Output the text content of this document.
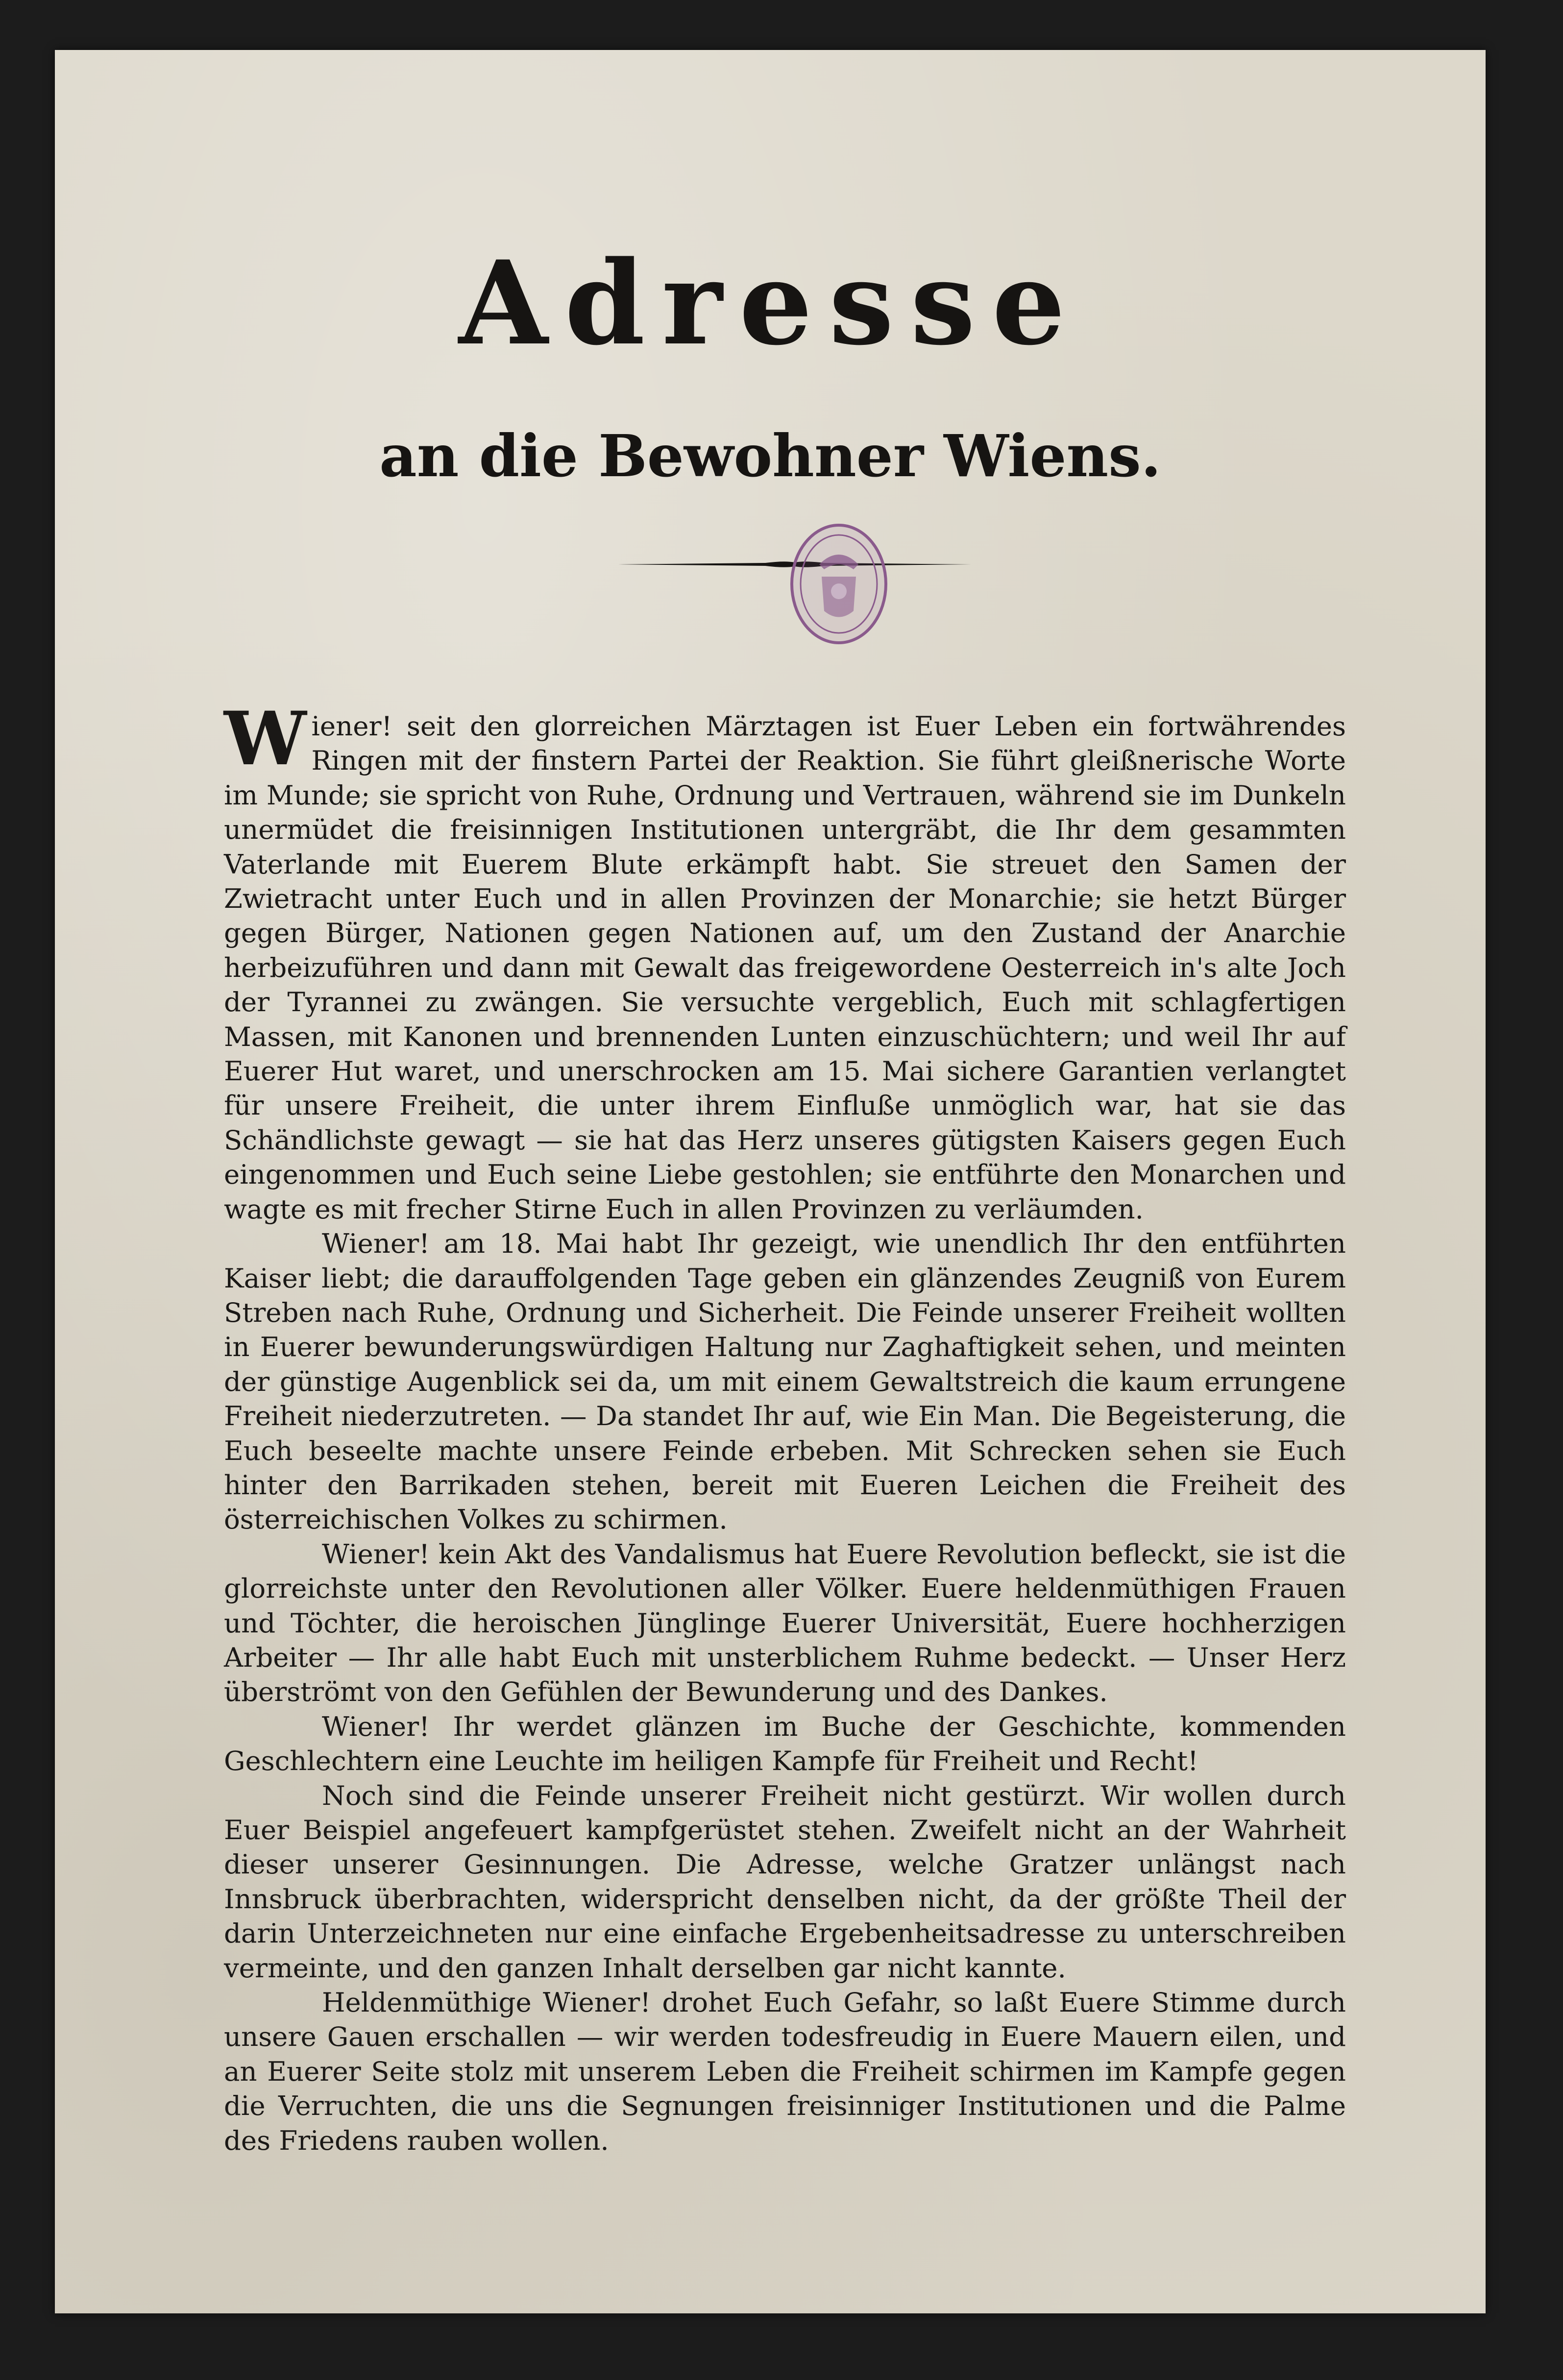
Adresse
an die Bewohner Wiens.

Wiener! seit den glorreichen Märztagen ist Euer Leben ein fortwährendes Ringen mit der finstern Partei der Reaktion. Sie führt gleißnerische Worte im Munde; sie spricht von Ruhe, Ordnung und Vertrauen, während sie im Dunkeln unermüdet die freisinnigen Institutionen untergräbt, die Ihr dem gesammten Vaterlande mit Euerem Blute erkämpft habt. Sie streuet den Samen der Zwietracht unter Euch und in allen Provinzen der Monarchie; sie hetzt Bürger gegen Bürger, Nationen gegen Nationen auf, um den Zustand der Anarchie herbeizuführen und dann mit Gewalt das freigewordene Oesterreich in's alte Joch der Tyrannei zu zwängen. Sie versuchte vergeblich, Euch mit schlagfertigen Massen, mit Kanonen und brennenden Lunten einzuschüchtern; und weil Ihr auf Euerer Hut waret, und unerschrocken am 15. Mai sichere Garantien verlangtet für unsere Freiheit, die unter ihrem Einfluße unmöglich war, hat sie das Schändlichste gewagt — sie hat das Herz unseres gütigsten Kaisers gegen Euch eingenommen und Euch seine Liebe gestohlen; sie entführte den Monarchen und wagte es mit frecher Stirne Euch in allen Provinzen zu verläumden.

Wiener! am 18. Mai habt Ihr gezeigt, wie unendlich Ihr den entführten Kaiser liebt; die darauffolgenden Tage geben ein glänzendes Zeugniß von Eurem Streben nach Ruhe, Ordnung und Sicherheit. Die Feinde unserer Freiheit wollten in Euerer bewunderungswürdigen Haltung nur Zaghaftigkeit sehen, und meinten der günstige Augenblick sei da, um mit einem Gewaltstreich die kaum errungene Freiheit niederzutreten. — Da standet Ihr auf, wie Ein Man. Die Begeisterung, die Euch beseelte machte unsere Feinde erbeben. Mit Schrecken sehen sie Euch hinter den Barrikaden stehen, bereit mit Eueren Leichen die Freiheit des österreichischen Volkes zu schirmen.

Wiener! kein Akt des Vandalismus hat Euere Revolution befleckt, sie ist die glorreichste unter den Revolutionen aller Völker. Euere heldenmüthigen Frauen und Töchter, die heroischen Jünglinge Euerer Universität, Euere hochherzigen Arbeiter — Ihr alle habt Euch mit unsterblichem Ruhme bedeckt. — Unser Herz überströmt von den Gefühlen der Bewunderung und des Dankes.

Wiener! Ihr werdet glänzen im Buche der Geschichte, kommenden Geschlechtern eine Leuchte im heiligen Kampfe für Freiheit und Recht!

Noch sind die Feinde unserer Freiheit nicht gestürzt. Wir wollen durch Euer Beispiel angefeuert kampfgerüstet stehen. Zweifelt nicht an der Wahrheit dieser unserer Gesinnungen. Die Adresse, welche Gratzer unlängst nach Innsbruck überbrachten, widerspricht denselben nicht, da der größte Theil der darin Unterzeichneten nur eine einfache Ergebenheitsadresse zu unterschreiben vermeinte, und den ganzen Inhalt derselben gar nicht kannte.

Heldenmüthige Wiener! drohet Euch Gefahr, so laßt Euere Stimme durch unsere Gauen erschallen — wir werden todesfreudig in Euere Mauern eilen, und an Euerer Seite stolz mit unserem Leben die Freiheit schirmen im Kampfe gegen die Verruchten, die uns die Segnungen freisinniger Institutionen und die Palme des Friedens rauben wollen.
